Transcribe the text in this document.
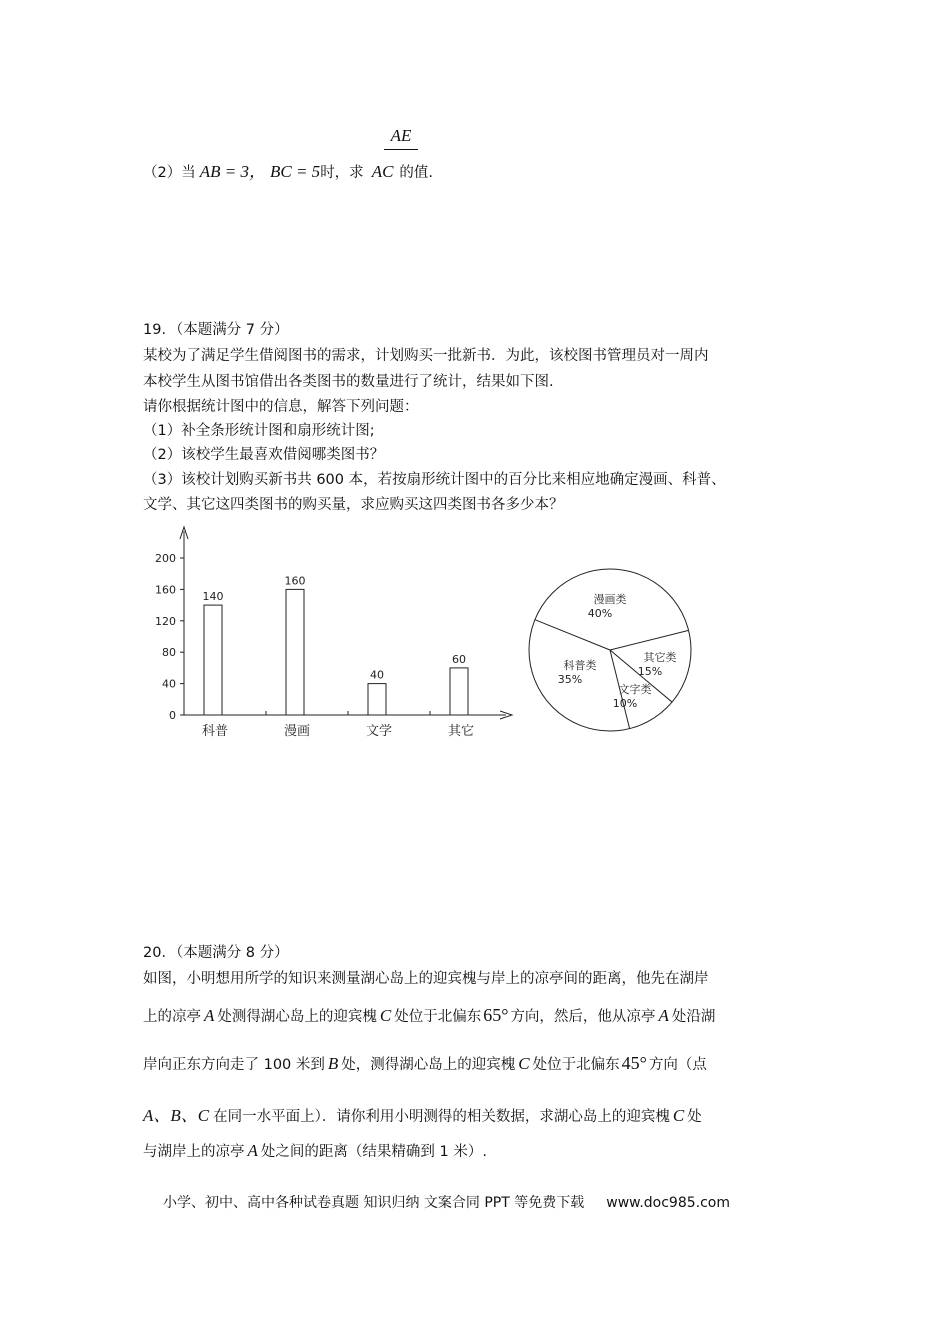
AE
（2）当 AB = 3， BC = 5时，求 AC 的值.
19．（本题满分 7 分）
某校为了满足学生借阅图书的需求，计划购买一批新书．为此，该校图书管理员对一周内
本校学生从图书馆借出各类图书的数量进行了统计，结果如下图.
请你根据统计图中的信息，解答下列问题：
（1）补全条形统计图和扇形统计图;
（2）该校学生最喜欢借阅哪类图书？
（3）该校计划购买新书共 600 本，若按扇形统计图中的百分比来相应地确定漫画、科普、
文学、其它这四类图书的购买量，求应购买这四类图书各多少本？
0
40
80
120
160
200
140
科普
160
漫画
40
文学
60
其它
漫画类
40%
其它类
15%
文字类
10%
科普类
35%
20．（本题满分 8 分）
如图，小明想用所学的知识来测量湖心岛上的迎宾槐与岸上的凉亭间的距离，他先在湖岸
上的凉亭 A 处测得湖心岛上的迎宾槐 C 处位于北偏东 65° 方向，然后，他从凉亭 A 处沿湖
岸向正东方向走了 100 米到 B 处，测得湖心岛上的迎宾槐 C 处位于北偏东 45° 方向（点
A、B、C 在同一水平面上）．请你利用小明测得的相关数据，求湖心岛上的迎宾槐 C 处
与湖岸上的凉亭 A 处之间的距离（结果精确到 1 米）.
小学、初中、高中各种试卷真题 知识归纳 文案合同 PPT 等免费下载 www.doc985.com
